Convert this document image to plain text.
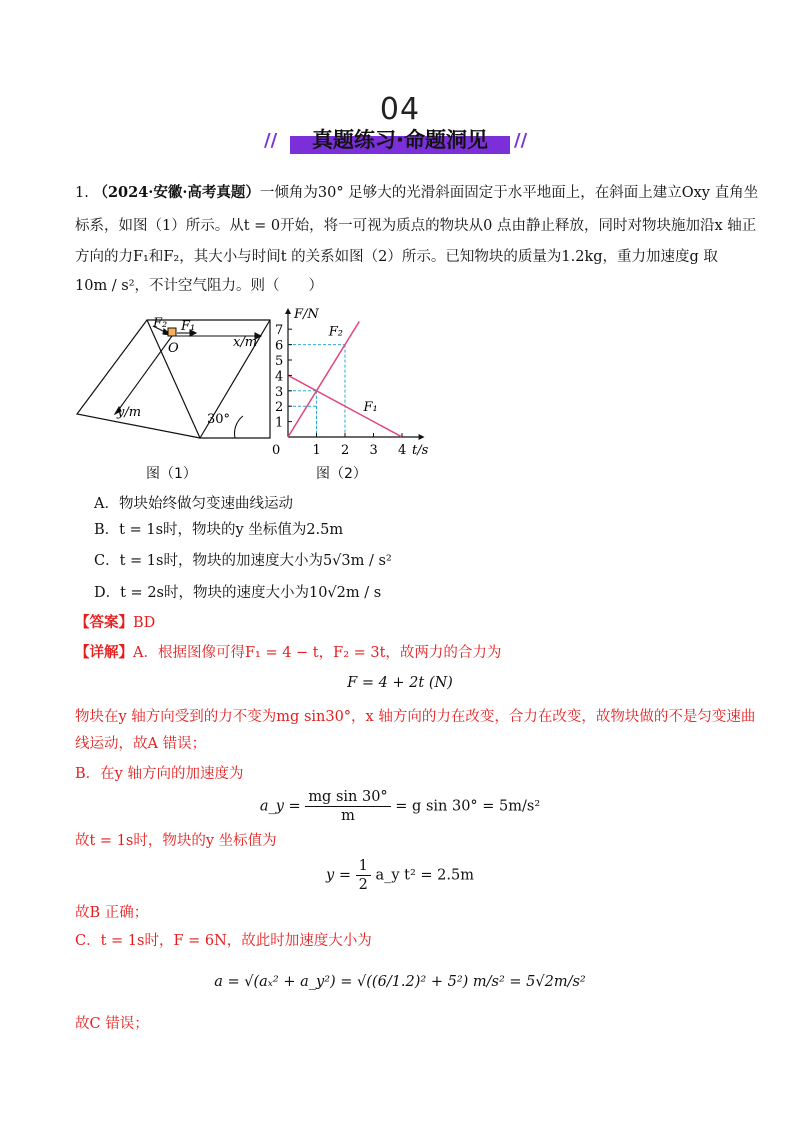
04
//	真题练习·命题洞见	//
1. （2024·安徽·高考真题）一倾角为30° 足够大的光滑斜面固定于水平地面上，在斜面上建立Oxy 直角坐
标系，如图（1）所示。从t = 0开始，将一可视为质点的物块从0 点由静止释放，同时对物块施加沿x 轴正
方向的力F₁和F₂，其大小与时间t 的关系如图（2）所示。已知物块的质量为1.2kg，重力加速度g 取
10m / s²，不计空气阻力。则（　　）
F₂ F₁
O	x/m
y/m	30°
图（1）
0 1 2 3 4
1
2
3
4
5
6
7
F/N
t/s
F₁
F₂
图（2）
A．物块始终做匀变速曲线运动
B．t = 1s时，物块的y 坐标值为2.5m
C．t = 1s时，物块的加速度大小为5√3m / s²
D．t = 2s时，物块的速度大小为10√2m / s
【答案】BD
【详解】A．根据图像可得F₁ = 4 − t，F₂ = 3t，故两力的合力为
F = 4 + 2t (N)
物块在y 轴方向受到的力不变为mg sin30°，x 轴方向的力在改变，合力在改变，故物块做的不是匀变速曲
线运动，故A 错误；
B．在y 轴方向的加速度为
a_y = $\frac{\text{mg sin 30°}}{m} = g$ sin 30° = 5m/s²
故t = 1s时，物块的y 坐标值为
$y = \frac{1}{2}$ a_y t² = 2.5m
故B 正确；
C．t = 1s时，F = 6N，故此时加速度大小为
a = √(aₓ² + a_y²) = √((6/1.2)² + 5²) m/s² = 5√2m/s²
故C 错误；
